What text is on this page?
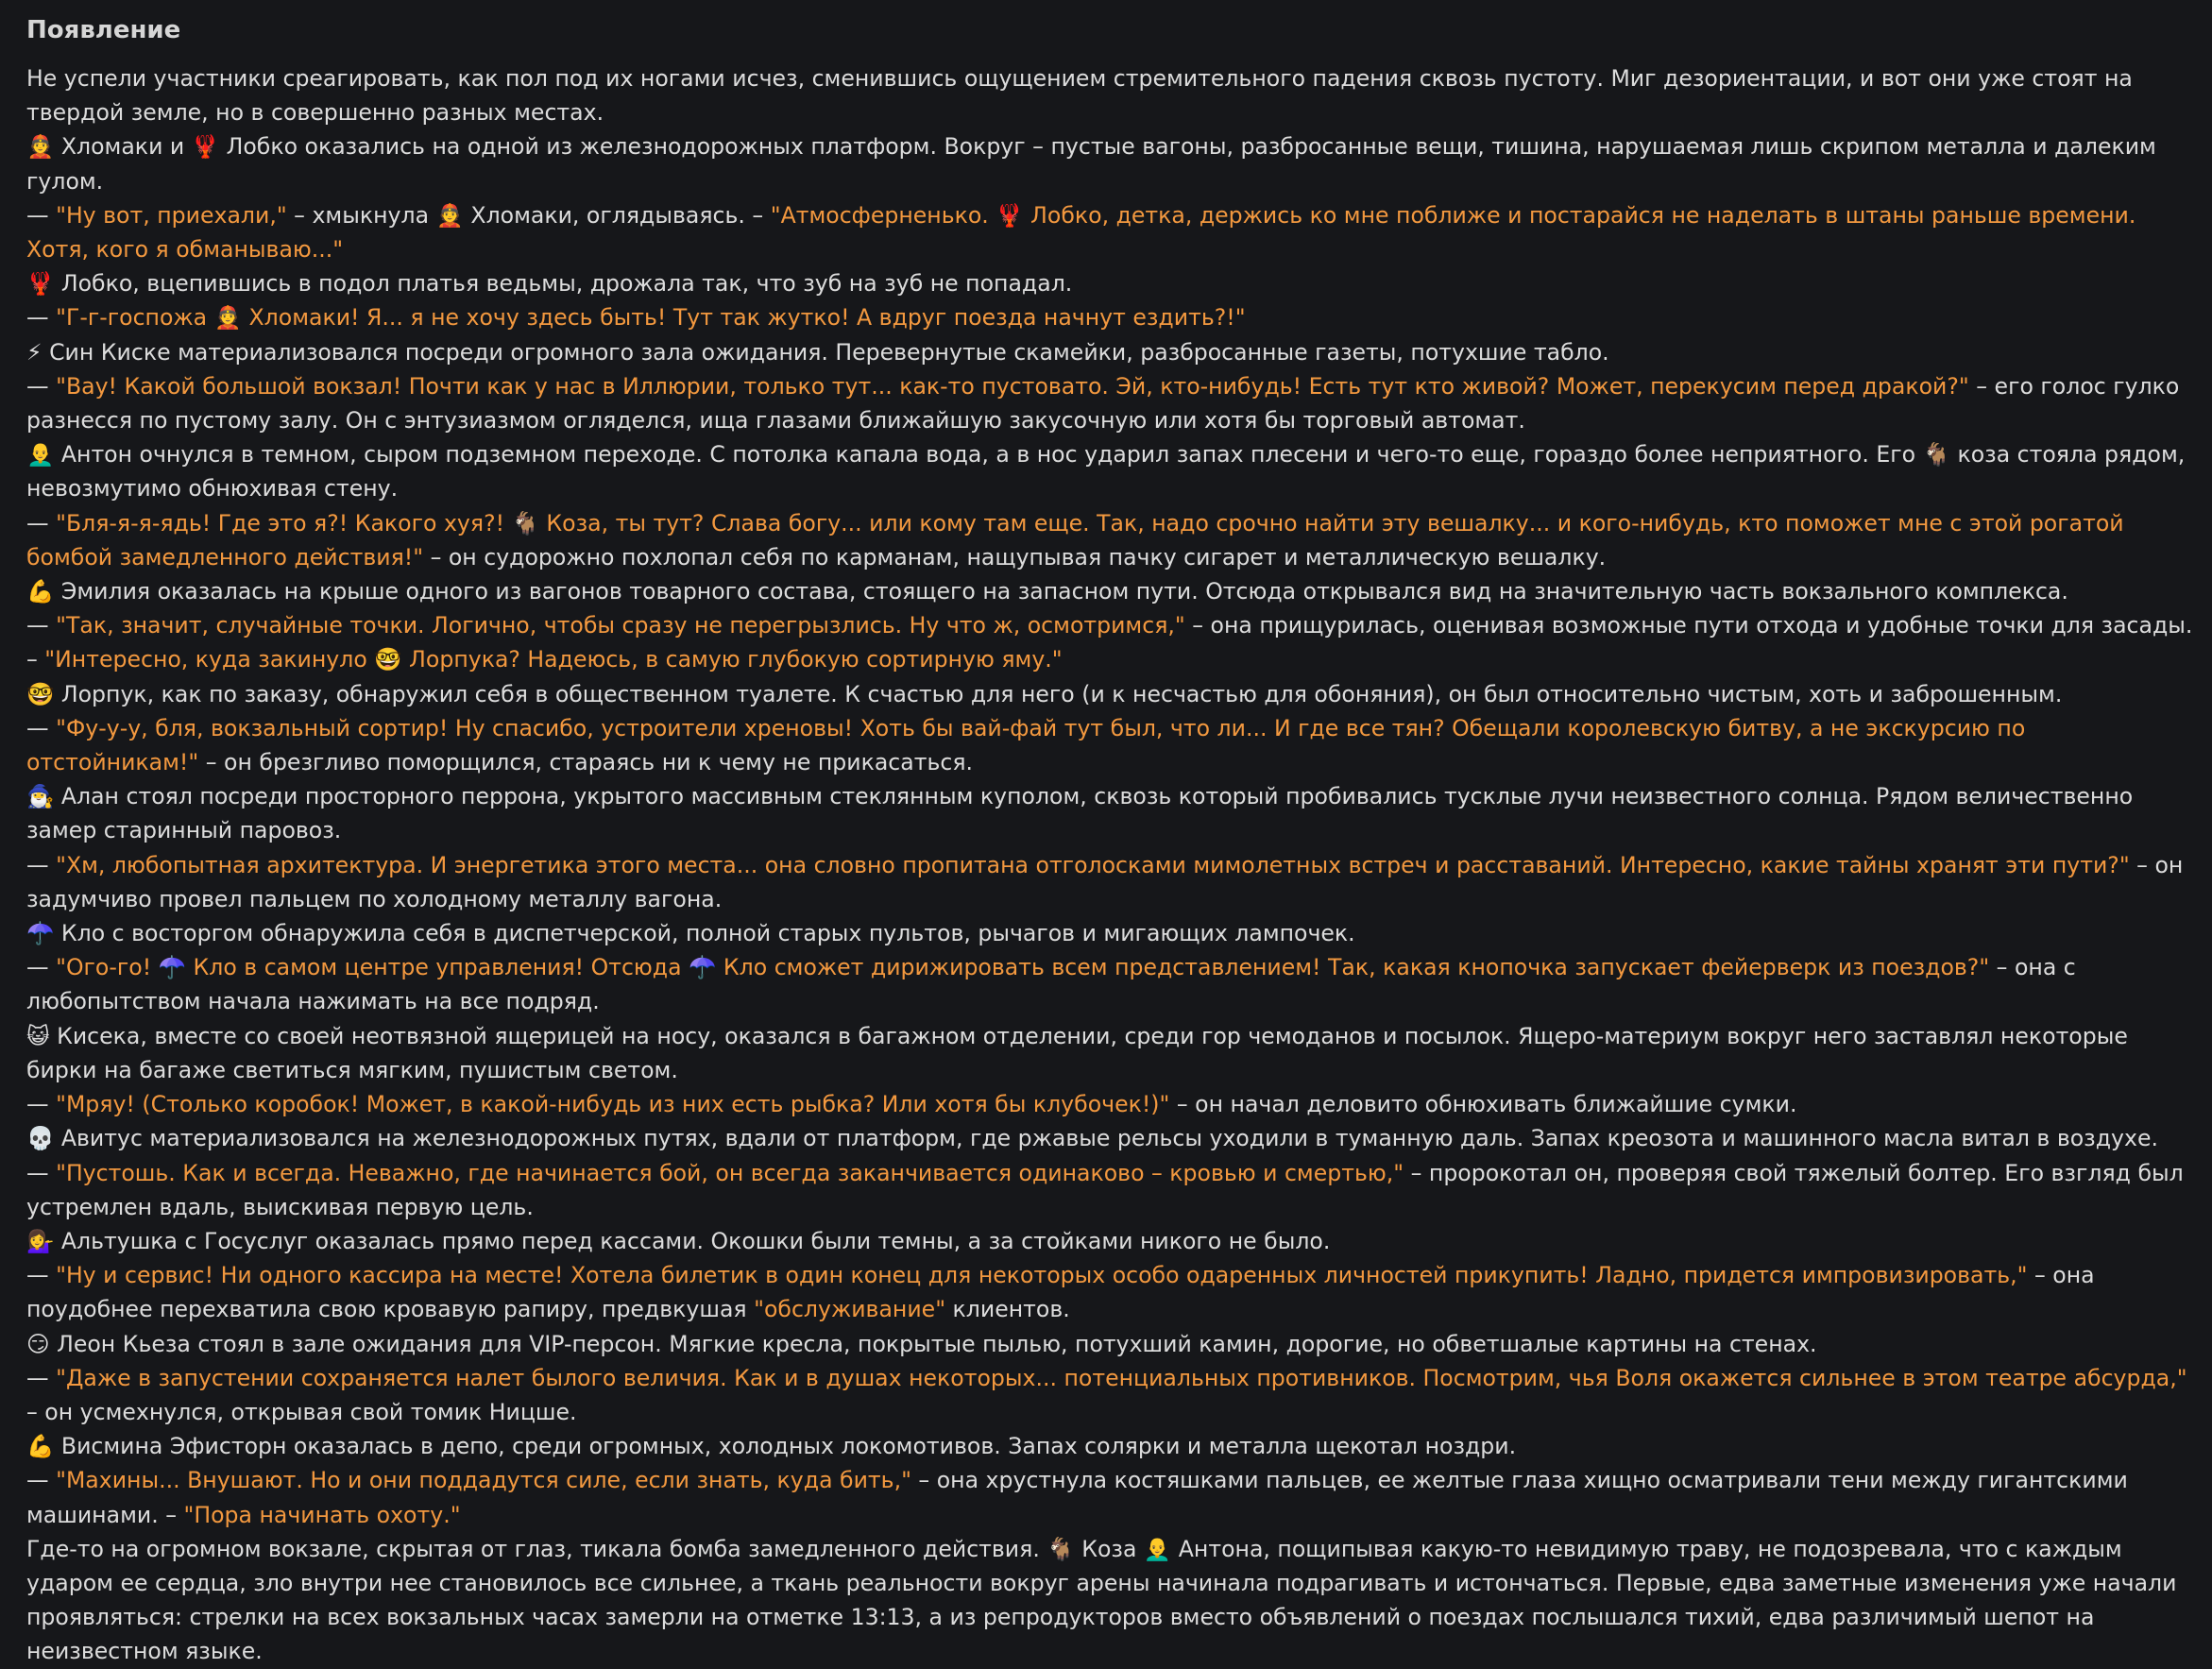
Появление

Не успели участники среагировать, как пол под их ногами исчез, сменившись ощущением стремительного падения сквозь пустоту. Миг дезориентации, и вот они уже стоят на твердой земле, но в совершенно разных местах.

👲 Хломаки и 🦞 Лобко оказались на одной из железнодорожных платформ. Вокруг – пустые вагоны, разбросанные вещи, тишина, нарушаемая лишь скрипом металла и далеким гулом.

— "Ну вот, приехали," – хмыкнула 👲 Хломаки, оглядываясь. – "Атмосферненько. 🦞 Лобко, детка, держись ко мне поближе и постарайся не наделать в штаны раньше времени. Хотя, кого я обманываю..."

🦞 Лобко, вцепившись в подол платья ведьмы, дрожала так, что зуб на зуб не попадал.

— "Г-г-госпожа 👲 Хломаки! Я... я не хочу здесь быть! Тут так жутко! А вдруг поезда начнут ездить?!"

⚡ Син Киске материализовался посреди огромного зала ожидания. Перевернутые скамейки, разбросанные газеты, потухшие табло.

— "Вау! Какой большой вокзал! Почти как у нас в Иллюрии, только тут... как-то пустовато. Эй, кто-нибудь! Есть тут кто живой? Может, перекусим перед дракой?" – его голос гулко разнесся по пустому залу. Он с энтузиазмом огляделся, ища глазами ближайшую закусочную или хотя бы торговый автомат.

👨‍🦲 Антон очнулся в темном, сыром подземном переходе. С потолка капала вода, а в нос ударил запах плесени и чего-то еще, гораздо более неприятного. Его 🐐 коза стояла рядом, невозмутимо обнюхивая стену.

— "Бля-я-я-ядь! Где это я?! Какого хуя?! 🐐 Коза, ты тут? Слава богу... или кому там еще. Так, надо срочно найти эту вешалку... и кого-нибудь, кто поможет мне с этой рогатой бомбой замедленного действия!" – он судорожно похлопал себя по карманам, нащупывая пачку сигарет и металлическую вешалку.

💪 Эмилия оказалась на крыше одного из вагонов товарного состава, стоящего на запасном пути. Отсюда открывался вид на значительную часть вокзального комплекса.

— "Так, значит, случайные точки. Логично, чтобы сразу не перегрызлись. Ну что ж, осмотримся," – она прищурилась, оценивая возможные пути отхода и удобные точки для засады. – "Интересно, куда закинуло 🤓 Лорпука? Надеюсь, в самую глубокую сортирную яму."

🤓 Лорпук, как по заказу, обнаружил себя в общественном туалете. К счастью для него (и к несчастью для обоняния), он был относительно чистым, хоть и заброшенным.

— "Фу-у-у, бля, вокзальный сортир! Ну спасибо, устроители хреновы! Хоть бы вай-фай тут был, что ли... И где все тян? Обещали королевскую битву, а не экскурсию по отстойникам!" – он брезгливо поморщился, стараясь ни к чему не прикасаться.

🧙‍♂️ Алан стоял посреди просторного перрона, укрытого массивным стеклянным куполом, сквозь который пробивались тусклые лучи неизвестного солнца. Рядом величественно замер старинный паровоз.

— "Хм, любопытная архитектура. И энергетика этого места... она словно пропитана отголосками мимолетных встреч и расставаний. Интересно, какие тайны хранят эти пути?" – он задумчиво провел пальцем по холодному металлу вагона.

☂️ Кло с восторгом обнаружила себя в диспетчерской, полной старых пультов, рычагов и мигающих лампочек.

— "Ого-го! ☂️ Кло в самом центре управления! Отсюда ☂️ Кло сможет дирижировать всем представлением! Так, какая кнопочка запускает фейерверк из поездов?" – она с любопытством начала нажимать на все подряд.

😺 Кисека, вместе со своей неотвязной ящерицей на носу, оказался в багажном отделении, среди гор чемоданов и посылок. Ящеро-материум вокруг него заставлял некоторые бирки на багаже светиться мягким, пушистым светом.

— "Мряу! (Столько коробок! Может, в какой-нибудь из них есть рыбка? Или хотя бы клубочек!)" – он начал деловито обнюхивать ближайшие сумки.

💀 Авитус материализовался на железнодорожных путях, вдали от платформ, где ржавые рельсы уходили в туманную даль. Запах креозота и машинного масла витал в воздухе.

— "Пустошь. Как и всегда. Неважно, где начинается бой, он всегда заканчивается одинаково – кровью и смертью," – пророкотал он, проверяя свой тяжелый болтер. Его взгляд был устремлен вдаль, выискивая первую цель.

💁‍♀️ Альтушка с Госуслуг оказалась прямо перед кассами. Окошки были темны, а за стойками никого не было.

— "Ну и сервис! Ни одного кассира на месте! Хотела билетик в один конец для некоторых особо одаренных личностей прикупить! Ладно, придется импровизировать," – она поудобнее перехватила свою кровавую рапиру, предвкушая "обслуживание" клиентов.

😏 Леон Кьеза стоял в зале ожидания для VIP-персон. Мягкие кресла, покрытые пылью, потухший камин, дорогие, но обветшалые картины на стенах.

— "Даже в запустении сохраняется налет былого величия. Как и в душах некоторых... потенциальных противников. Посмотрим, чья Воля окажется сильнее в этом театре абсурда," – он усмехнулся, открывая свой томик Ницше.

💪 Висмина Эфисторн оказалась в депо, среди огромных, холодных локомотивов. Запах солярки и металла щекотал ноздри.

— "Махины... Внушают. Но и они поддадутся силе, если знать, куда бить," – она хрустнула костяшками пальцев, ее желтые глаза хищно осматривали тени между гигантскими машинами. – "Пора начинать охоту."

Где-то на огромном вокзале, скрытая от глаз, тикала бомба замедленного действия. 🐐 Коза 👨‍🦲 Антона, пощипывая какую-то невидимую траву, не подозревала, что с каждым ударом ее сердца, зло внутри нее становилось все сильнее, а ткань реальности вокруг арены начинала подрагивать и истончаться. Первые, едва заметные изменения уже начали проявляться: стрелки на всех вокзальных часах замерли на отметке 13:13, а из репродукторов вместо объявлений о поездах послышался тихий, едва различимый шепот на неизвестном языке.
